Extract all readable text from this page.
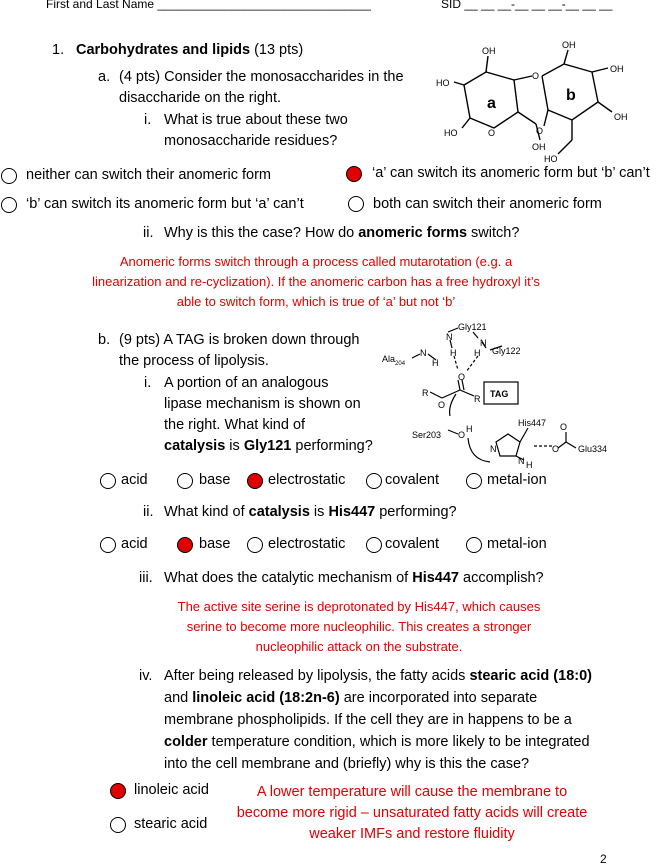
First and Last Name ________________________________	SID __ __ __-__ __ __-__ __ __
1. Carbohydrates and lipids (13 pts)
a. (4 pts) Consider the monosaccharides in the
disaccharide on the right.
i. What is true about these two
monosaccharide residues?
OH
HO
HO	O
OH
O
OH
OH
OH
O
HO
a	b
neither can switch their anomeric form	‘a’ can switch its anomeric form but ‘b’ can’t
‘b’ can switch its anomeric form but ‘a’ can’t	both can switch their anomeric form
ii. Why is this the case? How do anomeric forms switch?
Anomeric forms switch through a process called mutarotation (e.g. a linearization and re-cyclization). If the anomeric carbon has a free hydroxyl it’s able to switch form, which is true of ‘a’ but not ‘b’
b. (9 pts) A TAG is broken down through
the process of lipolysis.
i. A portion of an analogous
lipase mechanism is shown on
the right. What kind of
catalysis is Gly121 performing?
Gly121
N
H	Gly122
N
H
Ala$_{204}$
N
H
O
TAG
R
O
R
Ser203 O
H
His447
N
N H
O
O Glu334
acid	base	electrostatic	covalent	metal-ion
ii. What kind of catalysis is His447 performing?
acid	base	electrostatic	covalent	metal-ion
iii. What does the catalytic mechanism of His447 accomplish?
The active site serine is deprotonated by His447, which causes serine to become more nucleophilic. This creates a stronger nucleophilic attack on the substrate.
iv. After being released by lipolysis, the fatty acids stearic acid (18:0)
and linoleic acid (18:2n-6) are incorporated into separate
membrane phospholipids. If the cell they are in happens to be a
colder temperature condition, which is more likely to be integrated
into the cell membrane and (briefly) why is this the case?
linoleic acid
stearic acid
A lower temperature will cause the membrane to become more rigid – unsaturated fatty acids will create weaker IMFs and restore fluidity
2
